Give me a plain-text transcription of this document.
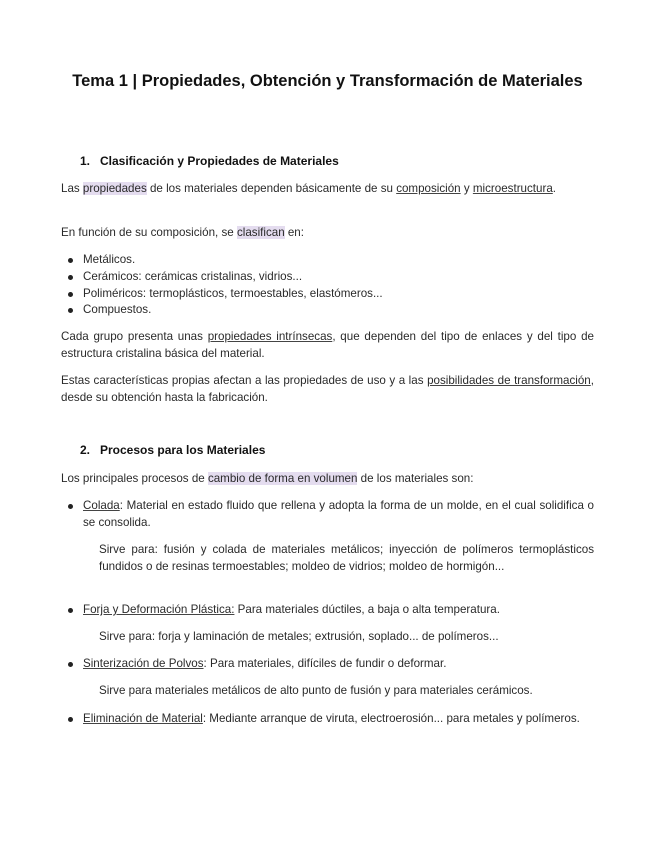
Tema 1 | Propiedades, Obtención y Transformación de Materiales
1. Clasificación y Propiedades de Materiales
Las propiedades de los materiales dependen básicamente de su composición y microestructura.
En función de su composición, se clasifican en:
Metálicos.
Cerámicos: cerámicas cristalinas, vidrios...
Poliméricos: termoplásticos, termoestables, elastómeros...
Compuestos.
Cada grupo presenta unas propiedades intrínsecas, que dependen del tipo de enlaces y del tipo de estructura cristalina básica del material.
Estas características propias afectan a las propiedades de uso y a las posibilidades de transformación, desde su obtención hasta la fabricación.
2. Procesos para los Materiales
Los principales procesos de cambio de forma en volumen de los materiales son:
Colada: Material en estado fluido que rellena y adopta la forma de un molde, en el cual solidifica o se consolida.
Sirve para: fusión y colada de materiales metálicos; inyección de polímeros termoplásticos fundidos o de resinas termoestables; moldeo de vidrios; moldeo de hormigón...
Forja y Deformación Plástica: Para materiales dúctiles, a baja o alta temperatura.
Sirve para: forja y laminación de metales; extrusión, soplado... de polímeros...
Sinterización de Polvos: Para materiales, difíciles de fundir o deformar.
Sirve para materiales metálicos de alto punto de fusión y para materiales cerámicos.
Eliminación de Material: Mediante arranque de viruta, electroerosión... para metales y polímeros.
